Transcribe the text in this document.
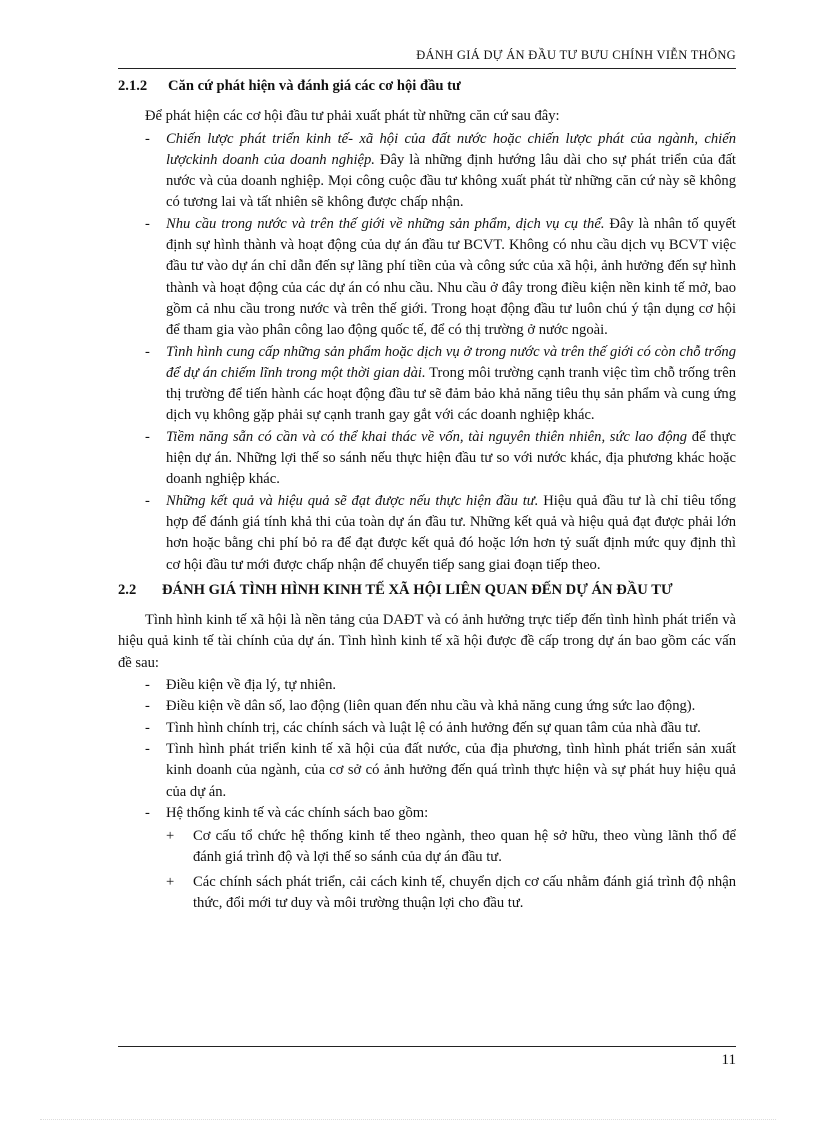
ĐÁNH GIÁ DỰ ÁN ĐẦU TƯ BƯU CHÍNH VIỄN THÔNG
2.1.2	Căn cứ phát hiện và đánh giá các cơ hội đầu tư

Để phát hiện các cơ hội đầu tư phải xuất phát từ những căn cứ sau đây:

- Chiến lược phát triển kinh tế- xã hội của đất nước hoặc chiến lược phát của ngành, chiến lượckinh doanh của doanh nghiệp. Đây là những định hướng lâu dài cho sự phát triển của đất nước và của doanh nghiệp. Mọi công cuộc đầu tư không xuất phát từ những căn cứ này sẽ không có tương lai và tất nhiên sẽ không được chấp nhận.
- Nhu cầu trong nước và trên thế giới về những sản phẩm, dịch vụ cụ thể. Đây là nhân tố quyết định sự hình thành và hoạt động của dự án đầu tư BCVT. Không có nhu cầu dịch vụ BCVT việc đầu tư vào dự án chỉ dẫn đến sự lãng phí tiền của và công sức của xã hội, ảnh hưởng đến sự hình thành và hoạt động của các dự án có nhu cầu. Nhu cầu ở đây trong điều kiện nền kinh tế mở, bao gồm cả nhu cầu trong nước và trên thế giới. Trong hoạt động đầu tư luôn chú ý tận dụng cơ hội để tham gia vào phân công lao động quốc tế, để có thị trường ở nước ngoài.
- Tình hình cung cấp những sản phẩm hoặc dịch vụ ở trong nước và trên thế giới có còn chỗ trống để dự án chiếm lĩnh trong một thời gian dài. Trong môi trường cạnh tranh việc tìm chỗ trống trên thị trường để tiến hành các hoạt động đầu tư sẽ đảm bảo khả năng tiêu thụ sản phẩm và cung ứng dịch vụ không gặp phải sự cạnh tranh gay gắt với các doanh nghiệp khác.
- Tiềm năng sẵn có cần và có thể khai thác về vốn, tài nguyên thiên nhiên, sức lao động để thực hiện dự án. Những lợi thế so sánh nếu thực hiện đầu tư so với nước khác, địa phương khác hoặc doanh nghiệp khác.
- Những kết quả và hiệu quả sẽ đạt được nếu thực hiện đầu tư. Hiệu quả đầu tư là chỉ tiêu tổng hợp để đánh giá tính khả thi của toàn dự án đầu tư. Những kết quả và hiệu quả đạt được phải lớn hơn hoặc bằng chi phí bỏ ra để đạt được kết quả đó hoặc lớn hơn tỷ suất định mức quy định thì cơ hội đầu tư mới được chấp nhận để chuyển tiếp sang giai đoạn tiếp theo.
2.2	ĐÁNH GIÁ TÌNH HÌNH KINH TẾ XÃ HỘI LIÊN QUAN ĐẾN DỰ ÁN ĐẦU TƯ

Tình hình kinh tế xã hội là nền tảng của DAĐT và có ảnh hưởng trực tiếp đến tình hình phát triển và hiệu quả kinh tế tài chính của dự án. Tình hình kinh tế xã hội được đề cấp trong dự án bao gồm các vấn đề sau:

- Điều kiện về địa lý, tự nhiên.
- Điều kiện về dân số, lao động (liên quan đến nhu cầu và khả năng cung ứng sức lao động).
- Tình hình chính trị, các chính sách và luật lệ có ảnh hưởng đến sự quan tâm của nhà đầu tư.
- Tình hình phát triển kinh tế xã hội của đất nước, của địa phương, tình hình phát triển sản xuất kinh doanh của ngành, của cơ sở có ảnh hưởng đến quá trình thực hiện và sự phát huy hiệu quả của dự án.
- Hệ thống kinh tế và các chính sách bao gồm:
+ Cơ cấu tổ chức hệ thống kinh tế theo ngành, theo quan hệ sở hữu, theo vùng lãnh thổ để đánh giá trình độ và lợi thế so sánh của dự án đầu tư.
+ Các chính sách phát triển, cải cách kinh tế, chuyển dịch cơ cấu nhằm đánh giá trình độ nhận thức, đổi mới tư duy và môi trường thuận lợi cho đầu tư.
11
